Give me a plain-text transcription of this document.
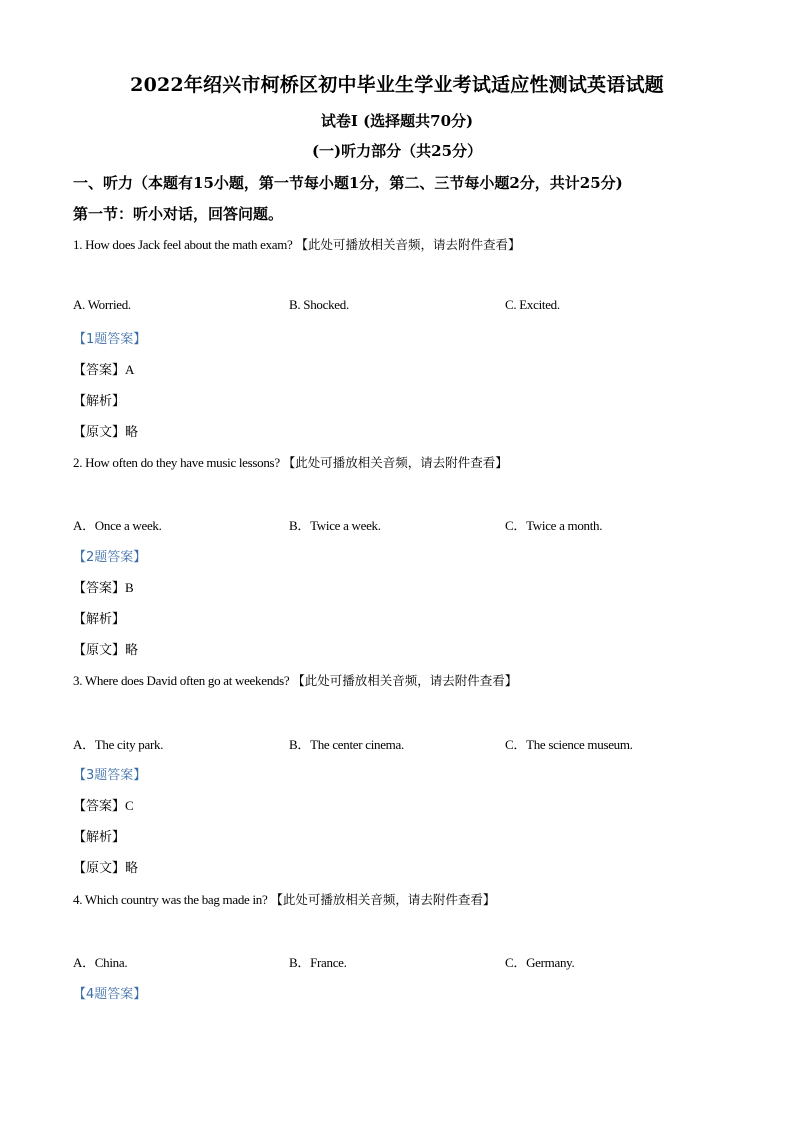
2022年绍兴市柯桥区初中毕业生学业考试适应性测试英语试题
试卷I (选择题共70分)
(一)听力部分（共25分）
一、听力（本题有15小题，第一节每小题1分，第二、三节每小题2分，共计25分)
第一节：听小对话，回答问题。
1. How does Jack feel about the math exam? 【此处可播放相关音频，请去附件查看】
A. Worried.	B. Shocked.	C. Excited.
【1题答案】
【答案】A
【解析】
【原文】略
2. How often do they have music lessons? 【此处可播放相关音频，请去附件查看】
A．Once a week.	B．Twice a week.	C．Twice a month.
【2题答案】
【答案】B
【解析】
【原文】略
3. Where does David often go at weekends? 【此处可播放相关音频，请去附件查看】
A．The city park.	B．The center cinema.	C．The science museum.
【3题答案】
【答案】C
【解析】
【原文】略
4. Which country was the bag made in? 【此处可播放相关音频，请去附件查看】
A．China.	B．France.	C．Germany.
【4题答案】
